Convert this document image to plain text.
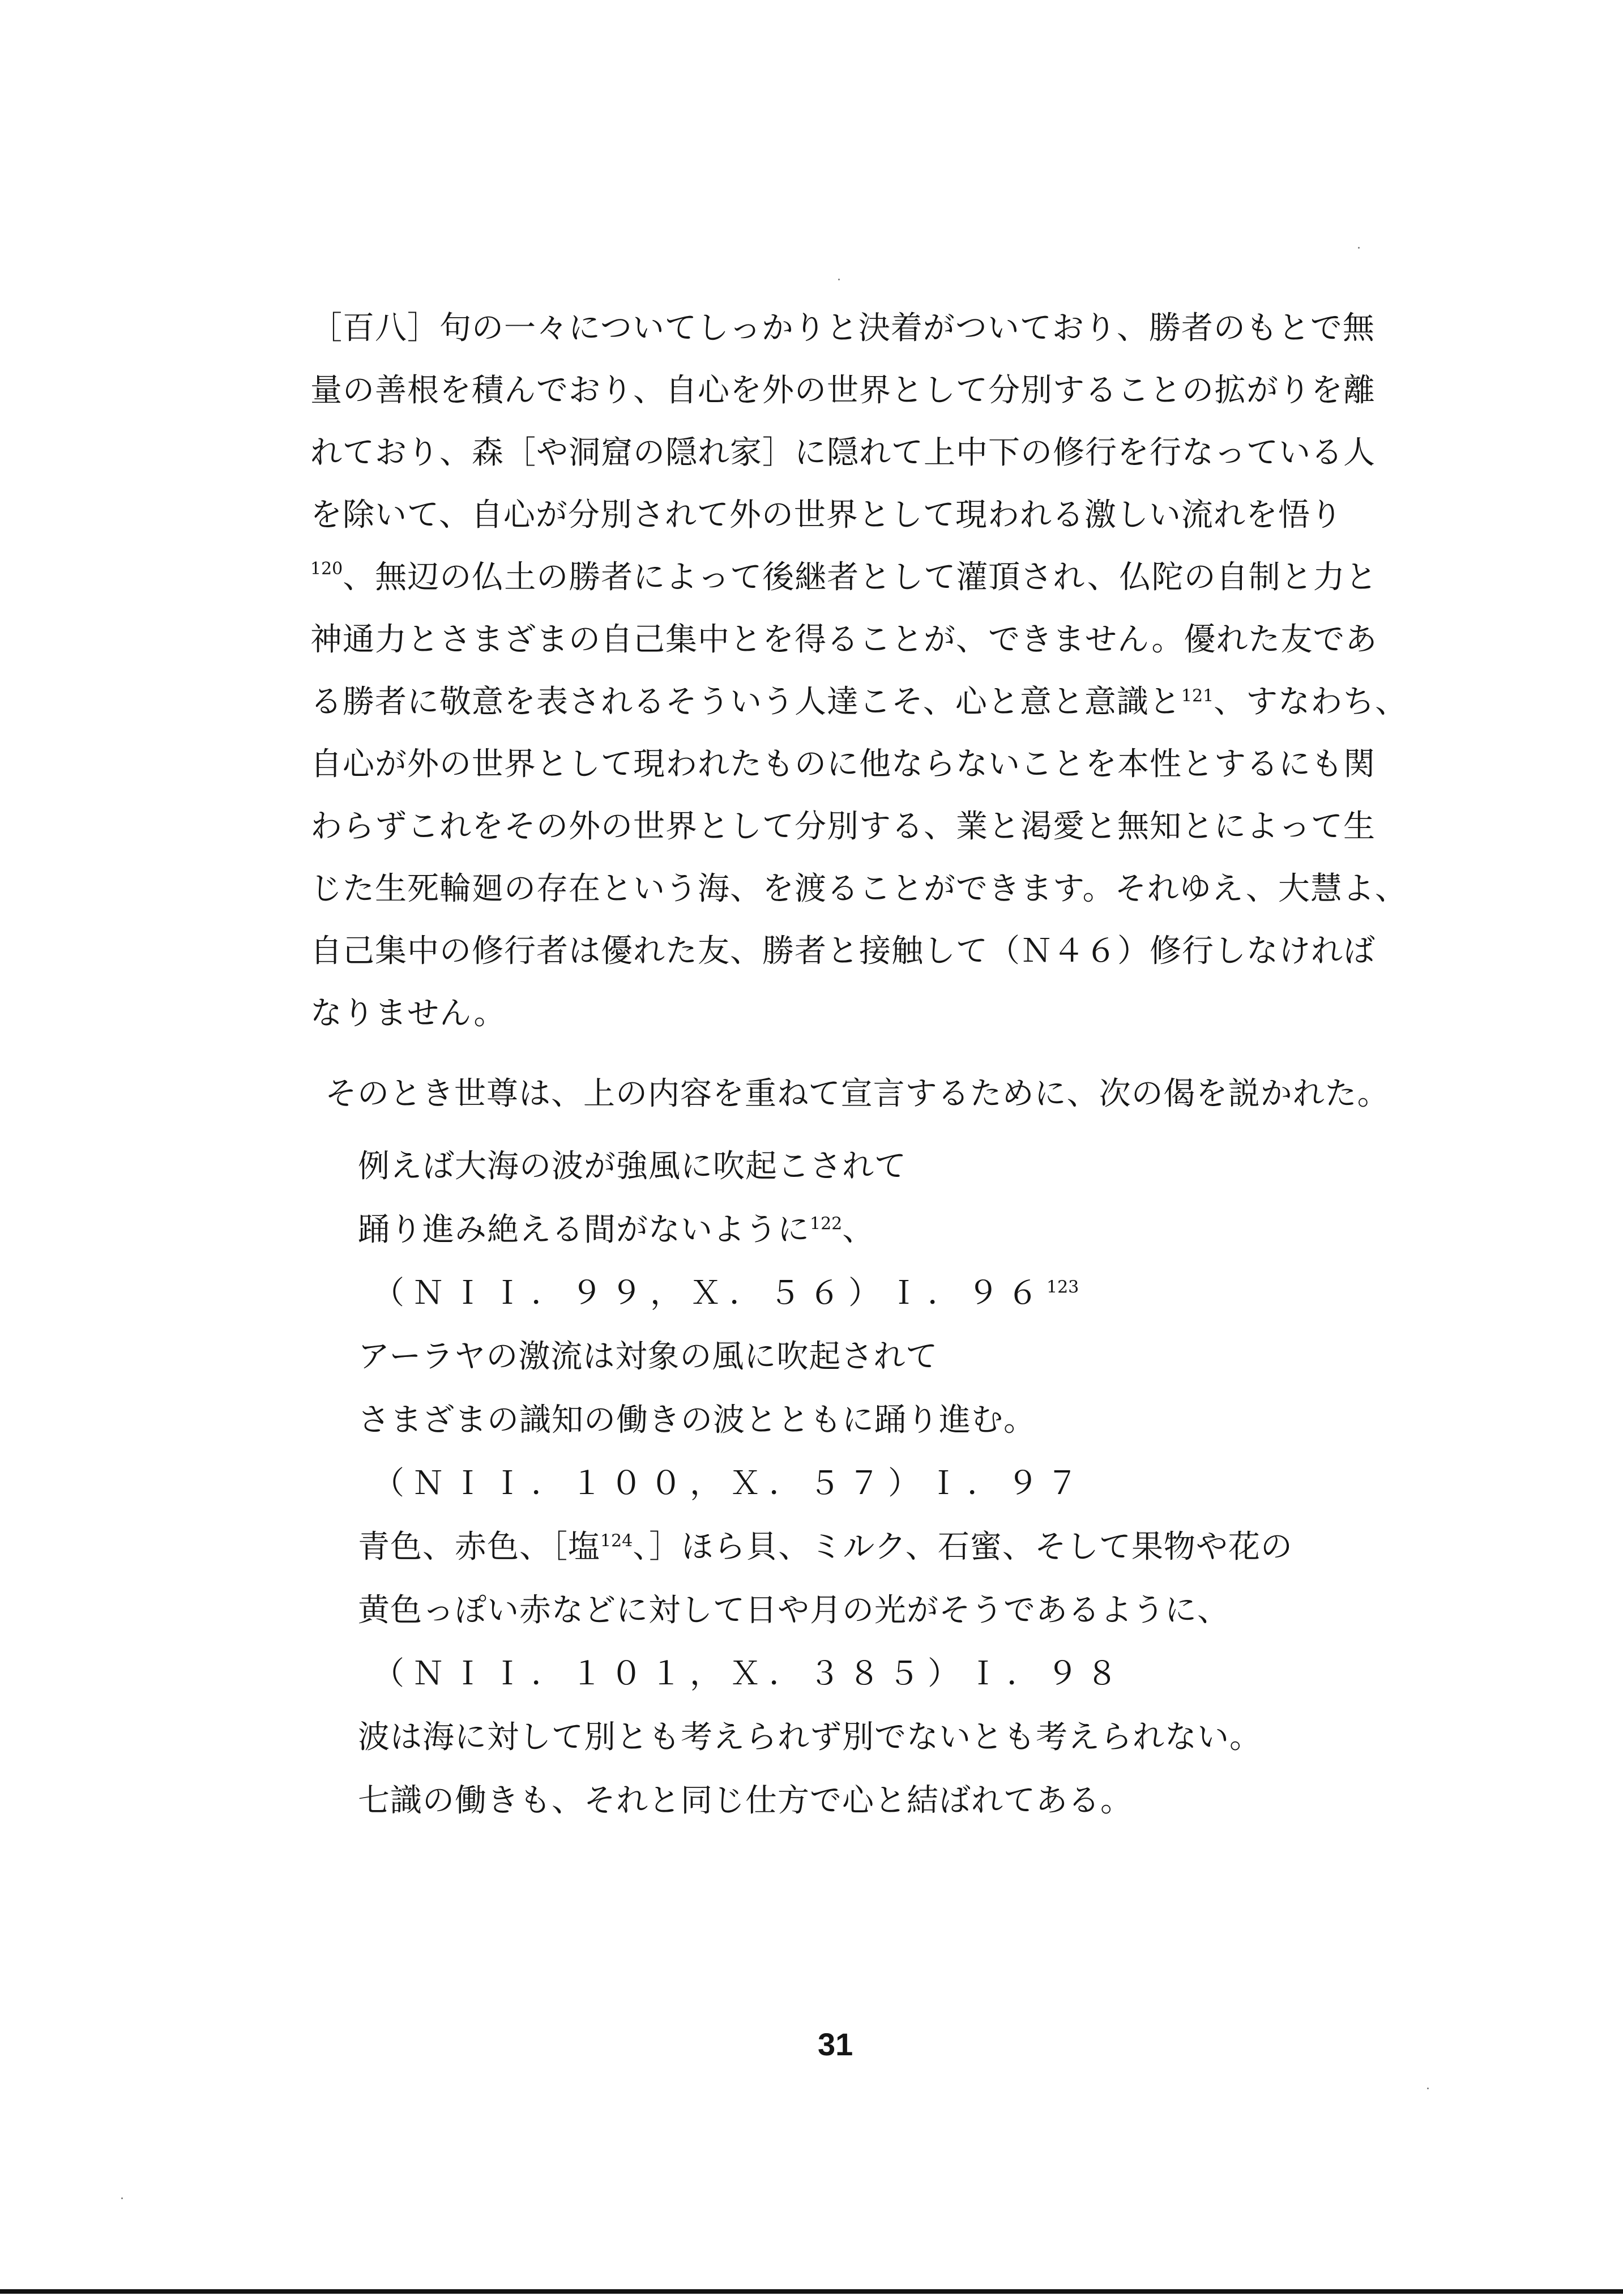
［百八］句の一々についてしっかりと決着がついており、勝者のもとで無
量の善根を積んでおり、自心を外の世界として分別することの拡がりを離
れており、森［や洞窟の隠れ家］に隠れて上中下の修行を行なっている人
を除いて、自心が分別されて外の世界として現われる激しい流れを悟り
$^{120}$、無辺の仏土の勝者によって後継者として灌頂され、仏陀の自制と力と
神通力とさまざまの自己集中とを得ることが、できません。優れた友であ
る勝者に敬意を表されるそういう人達こそ、心と意と意識と$^{121}$、すなわち、
自心が外の世界として現われたものに他ならないことを本性とするにも関
わらずこれをその外の世界として分別する、業と渇愛と無知とによって生
じた生死輪廻の存在という海、を渡ることができます。それゆえ、大慧よ、
自己集中の修行者は優れた友、勝者と接触して（Ｎ４６）修行しなければ
なりません。
そのとき世尊は、上の内容を重ねて宣言するために、次の偈を説かれた。
例えば大海の波が強風に吹起こされて
踊り進み絶える間がないように$^{122}$、
（ＮＩＩ．９９，Ｘ．５６）Ｉ．９６$^{123}$
アーラヤの激流は対象の風に吹起されて
さまざまの識知の働きの波とともに踊り進む。
（ＮＩＩ．１００，Ｘ．５７）Ｉ．９７
青色、赤色、［塩$^{124}$、］ほら貝、ミルク、石蜜、そして果物や花の
黄色っぽい赤などに対して日や月の光がそうであるように、
（ＮＩＩ．１０１，Ｘ．３８５）Ｉ．９８
波は海に対して別とも考えられず別でないとも考えられない。
七識の働きも、それと同じ仕方で心と結ばれてある。
31
